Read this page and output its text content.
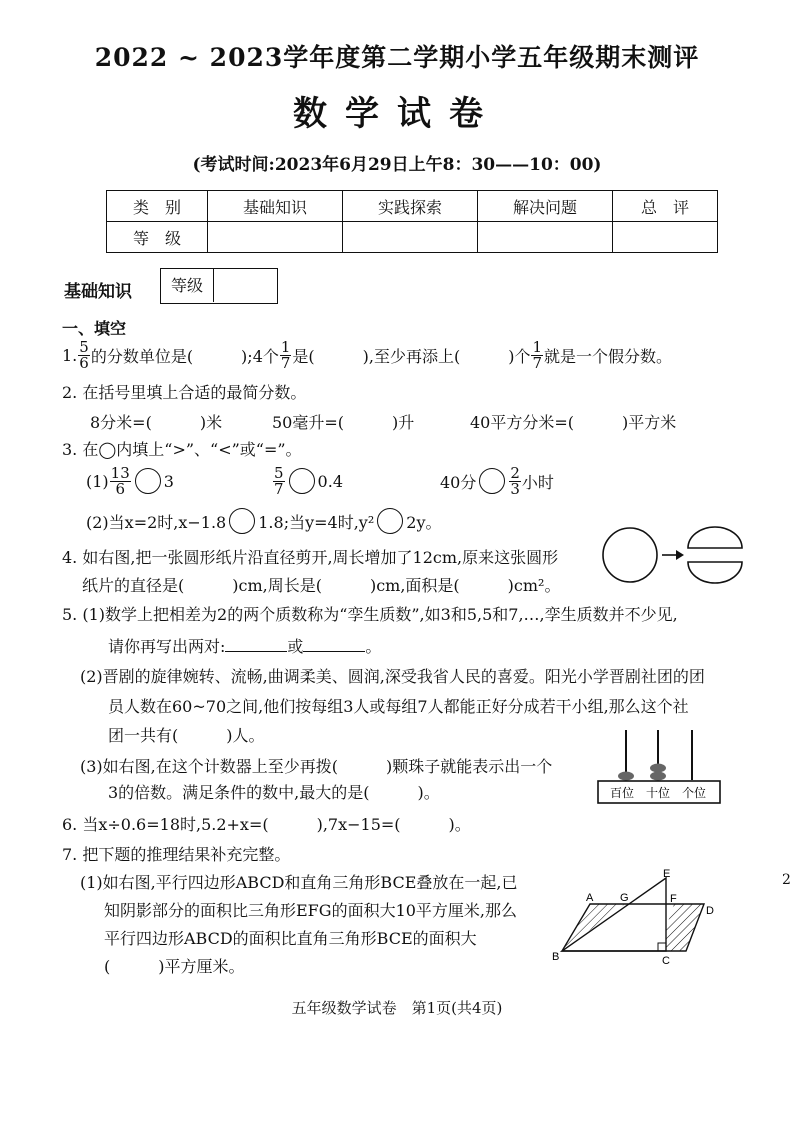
2022 ~ 2023学年度第二学期小学五年级期末测评
数学试卷
(考试时间:2023年6月29日上午8：30——10：00)
类　别	基础知识	实践探索	解决问题	总　评
等　级				
基础知识	等级
一、填空
1. $\frac{5}{6}$ 的分数单位是(　　　);4个 $\frac{1}{7}$ 是(　　　),至少再添上(　　　)个 $\frac{1}{7}$ 就是一个假分数。
2. 在括号里填上合适的最简分数。
8分米=(　　　)米	50毫升=(　　　)升	40平方分米=(　　　)平方米
3. 在◯内填上“>”、“<”或“=”。
$(1) \frac{13}{6} 3$	$\frac{5}{7} 0.4$	40分 $\frac{2}{3}$ 小时
(2)当x=2时,x−1.8 1.8;当y=4时,y² 2y。
4. 如右图,把一张圆形纸片沿直径剪开,周长增加了12cm,原来这张圆形
纸片的直径是(　　　)cm,周长是(　　　)cm,面积是(　　　)cm²。
5. (1)数学上把相差为2的两个质数称为“孪生质数”,如3和5,5和7,…,孪生质数并不少见,
请你再写出两对:	或	。
(2)晋剧的旋律婉转、流畅,曲调柔美、圆润,深受我省人民的喜爱。阳光小学晋剧社团的团
员人数在60~70之间,他们按每组3人或每组7人都能正好分成若干小组,那么这个社
团一共有(　　　)人。
(3)如右图,在这个计数器上至少再拨(　　　)颗珠子就能表示出一个
3的倍数。满足条件的数中,最大的是(　　　)。	百位 十位 个位
6. 当x÷0.6=18时,5.2+x=(　　　),7x−15=(　　　)。
7. 把下题的推理结果补充完整。
(1)如右图,平行四边形ABCD和直角三角形BCE叠放在一起,已
知阴影部分的面积比三角形EFG的面积大10平方厘米,那么
平行四边形ABCD的面积比直角三角形BCE的面积大
(　　　)平方厘米。
A G
E
F
D
B	C
2
五年级数学试卷　第1页(共4页)
